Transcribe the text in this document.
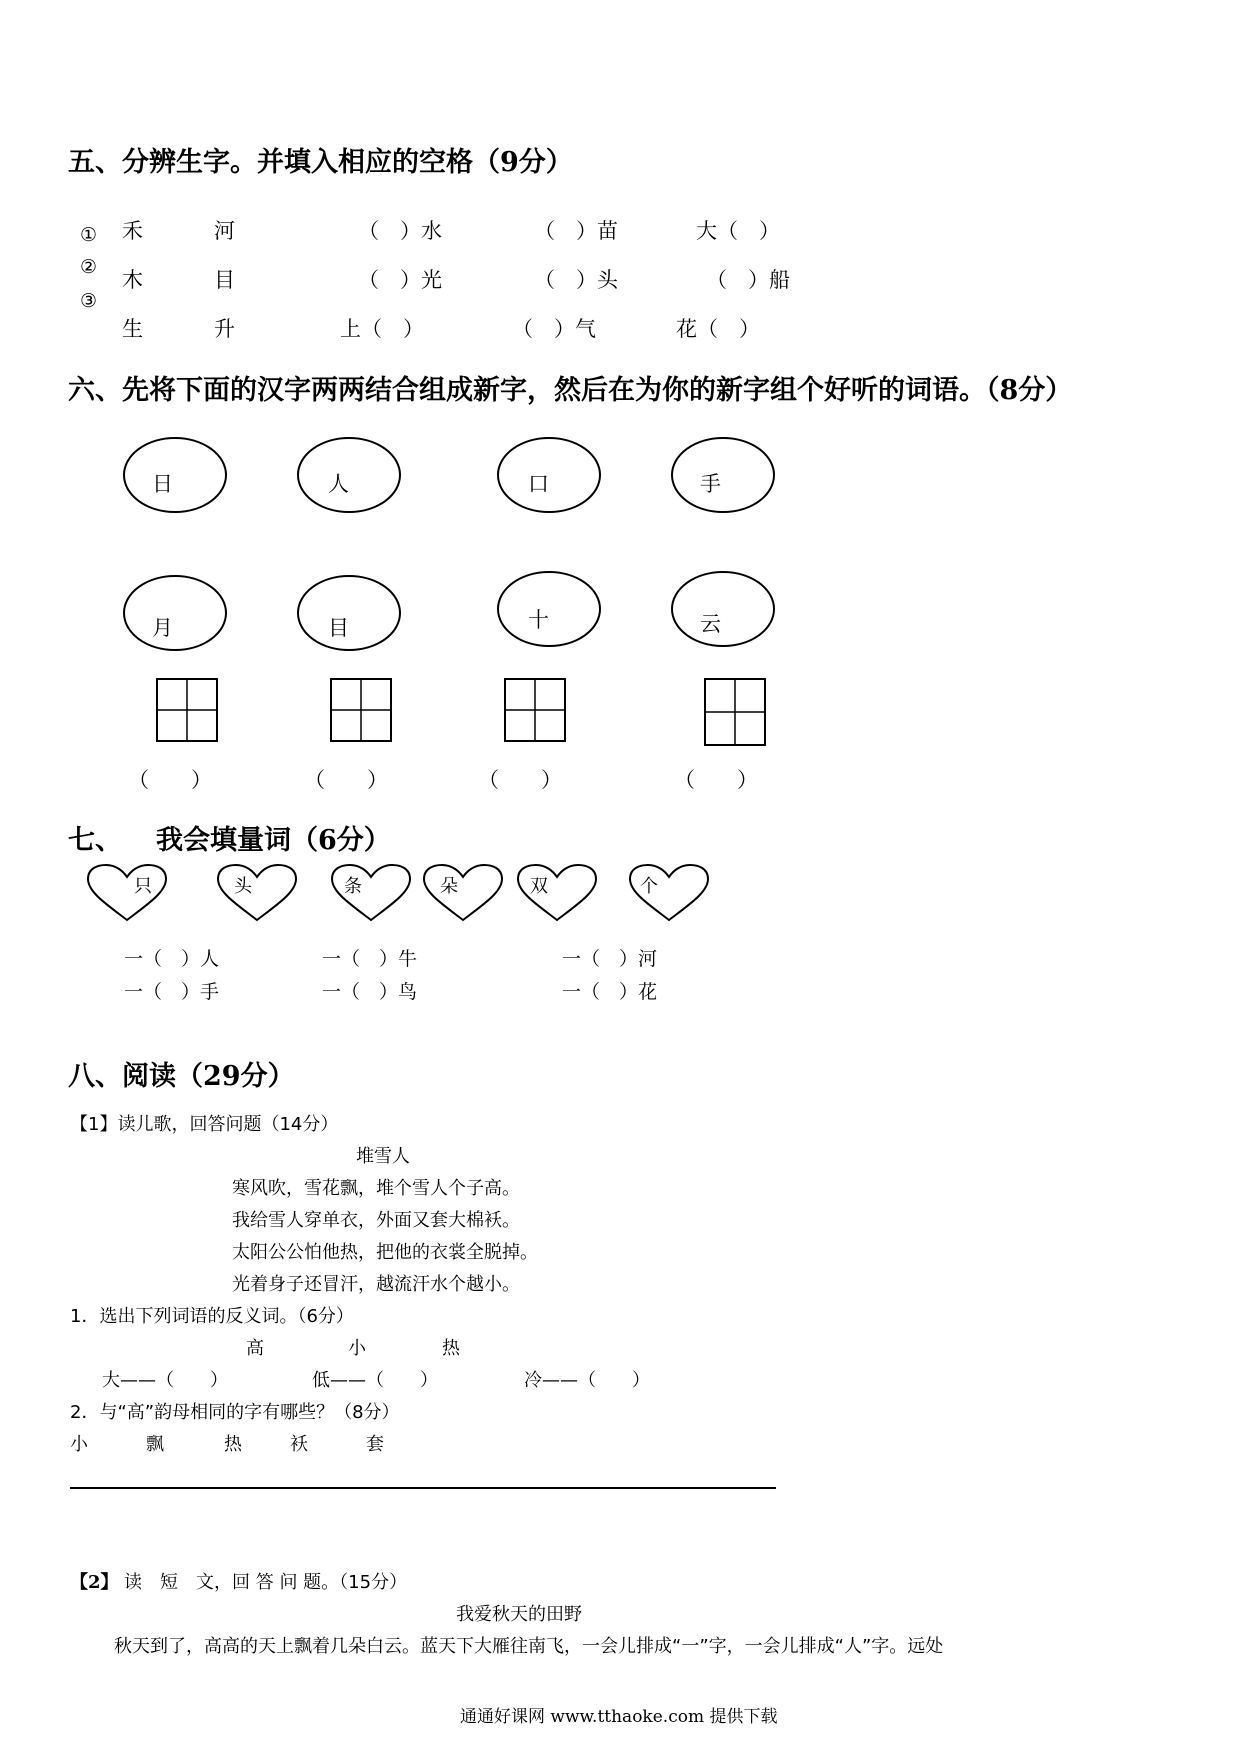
五、分辨生字。并填入相应的空格（9分）
①
②
③
禾	河	（　）水	（　）苗	大（　）
木	目	（　）光	（　）头	（　）船
生	升	上（　）	（　）气	花（　）
六、先将下面的汉字两两结合组成新字，然后在为你的新字组个好听的词语。（8分）
日	人	口	手
月	目	十	云
（　　）	（　　）	（　　）	（　　）
七、 我会填量词（6分）
只	头	条	朵	双	个
一（　）人	一（　）牛	一（　）河
一（　）手	一（　）鸟	一（　）花
八、阅读（29分）
【1】读儿歌，回答问题（14分）
堆雪人
寒风吹，雪花飘，堆个雪人个子高。
我给雪人穿单衣，外面又套大棉袄。
太阳公公怕他热，把他的衣裳全脱掉。
光着身子还冒汗，越流汗水个越小。
1．选出下列词语的反义词。（6分）
高	小	热
大——（　　）	低——（　　）	冷——（　　）
2．与“高”韵母相同的字有哪些？（8分）
小	飘	热	袄	套
【2】 读　短　文，回 答 问 题。（15分）
我爱秋天的田野
秋天到了，高高的天上飘着几朵白云。蓝天下大雁往南飞，一会儿排成“一”字，一会儿排成“人”字。远处
通通好课网 www.tthaoke.com 提供下载
